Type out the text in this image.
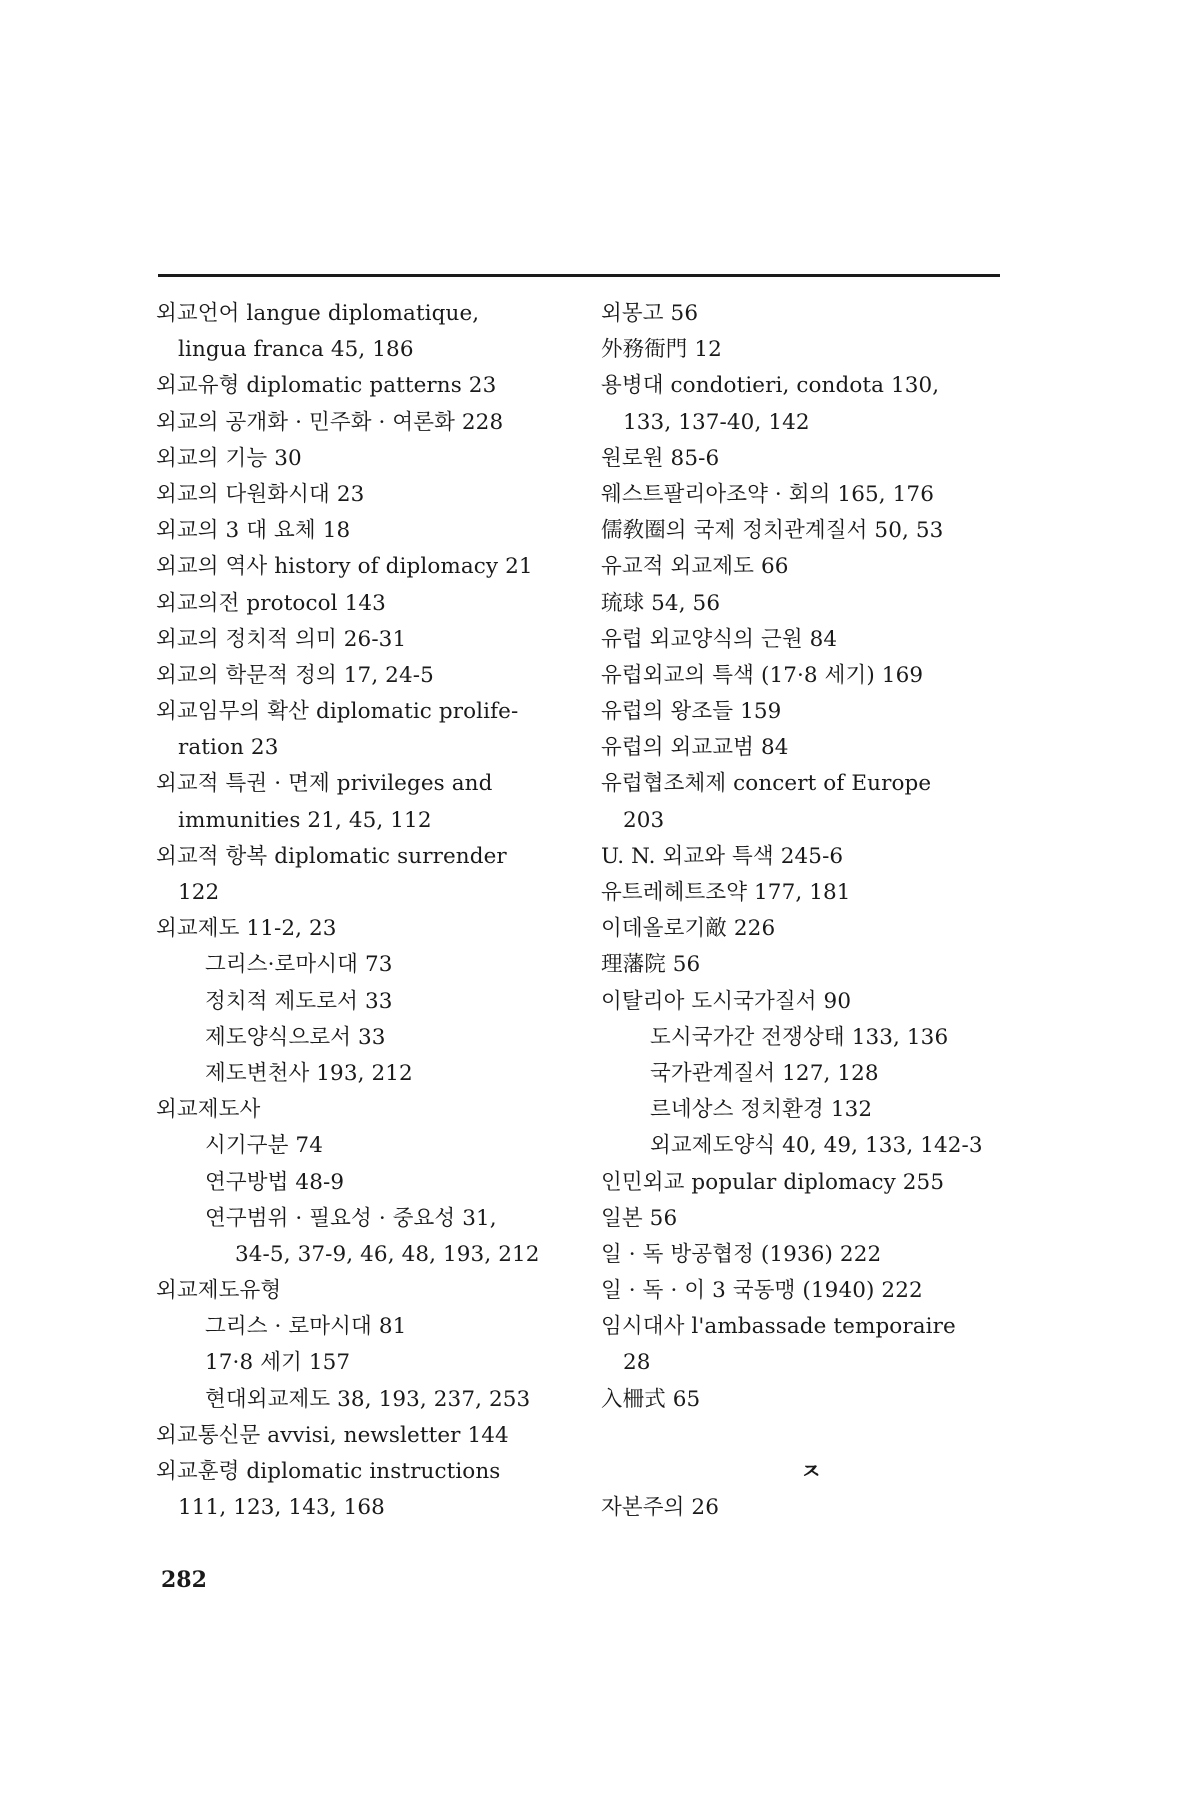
외교언어 langue diplomatique,
lingua franca 45, 186
외교유형 diplomatic patterns 23
외교의 공개화 · 민주화 · 여론화 228
외교의 기능 30
외교의 다원화시대 23
외교의 3 대 요체 18
외교의 역사 history of diplomacy 21
외교의전 protocol 143
외교의 정치적 의미 26-31
외교의 학문적 정의 17, 24-5
외교임무의 확산 diplomatic prolife-
ration 23
외교적 특권 · 면제 privileges and
immunities 21, 45, 112
외교적 항복 diplomatic surrender
122
외교제도 11-2, 23
그리스·로마시대 73
정치적 제도로서 33
제도양식으로서 33
제도변천사 193, 212
외교제도사
시기구분 74
연구방법 48-9
연구범위 · 필요성 · 중요성 31,
34-5, 37-9, 46, 48, 193, 212
외교제도유형
그리스 · 로마시대 81
17·8 세기 157
현대외교제도 38, 193, 237, 253
외교통신문 avvisi, newsletter 144
외교훈령 diplomatic instructions
111, 123, 143, 168
외몽고 56
外務衙門 12
용병대 condotieri, condota 130,
133, 137-40, 142
원로원 85-6
웨스트팔리아조약 · 회의 165, 176
儒敎圈의 국제 정치관계질서 50, 53
유교적 외교제도 66
琉球 54, 56
유럽 외교양식의 근원 84
유럽외교의 특색 (17·8 세기) 169
유럽의 왕조들 159
유럽의 외교교범 84
유럽협조체제 concert of Europe
203
U. N. 외교와 특색 245-6
유트레헤트조약 177, 181
이데올로기敵 226
理藩院 56
이탈리아 도시국가질서 90
도시국가간 전쟁상태 133, 136
국가관계질서 127, 128
르네상스 정치환경 132
외교제도양식 40, 49, 133, 142-3
인민외교 popular diplomacy 255
일본 56
일 · 독 방공협정 (1936) 222
일 · 독 · 이 3 국동맹 (1940) 222
임시대사 l'ambassade temporaire
28
入柵式 65
ㅈ
자본주의 26
282
